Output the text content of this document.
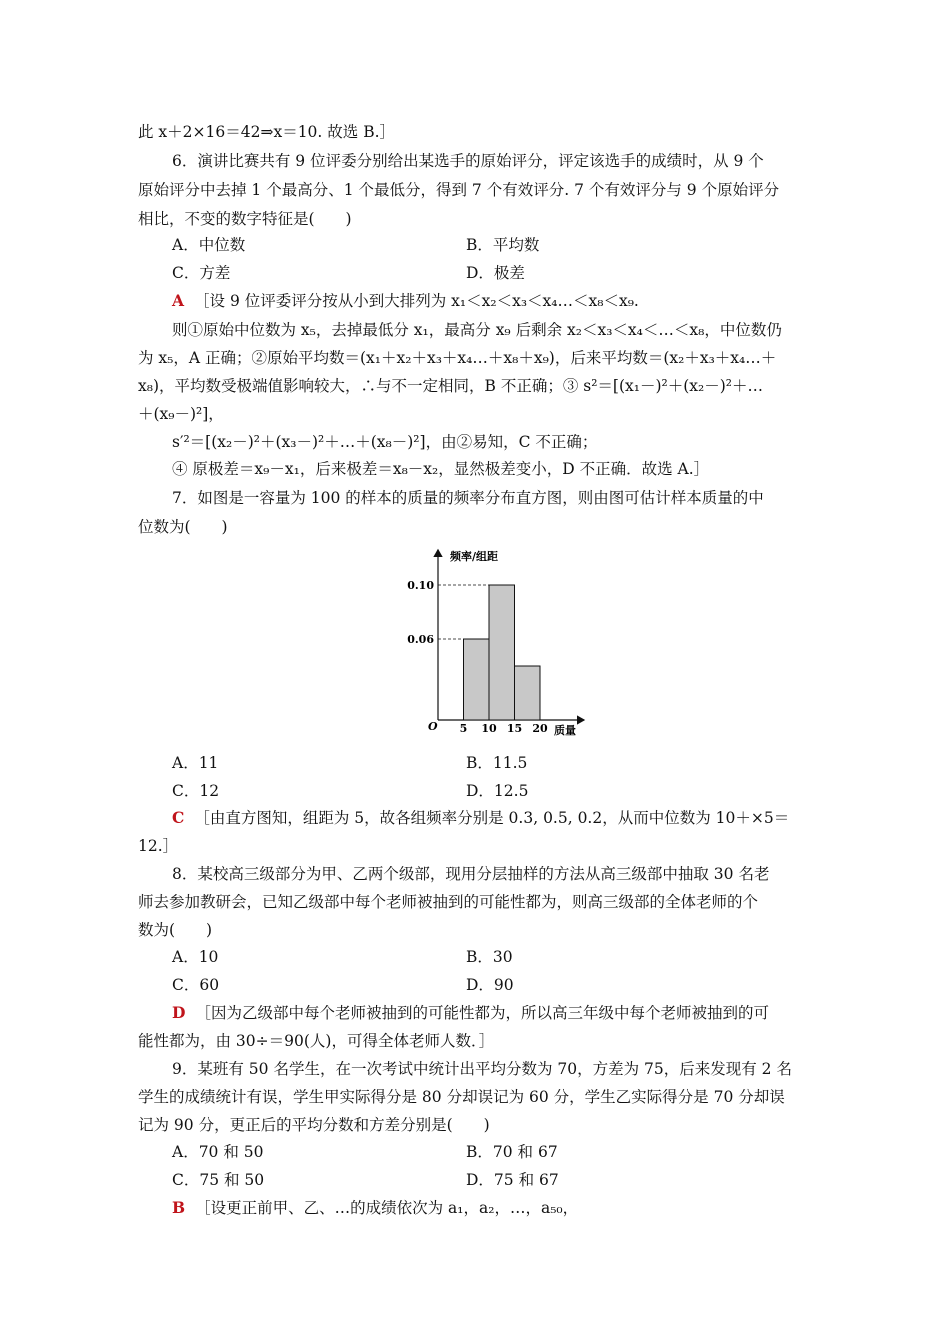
此 x＋2×16＝42⇒x＝10. 故选 B.］
6．演讲比赛共有 9 位评委分别给出某选手的原始评分，评定该选手的成绩时，从 9 个
原始评分中去掉 1 个最高分、1 个最低分，得到 7 个有效评分. 7 个有效评分与 9 个原始评分
相比，不变的数字特征是(　　)
A．中位数	B．平均数
C．方差	D．极差
A ［设 9 位评委评分按从小到大排列为 x₁＜x₂＜x₃＜x₄…＜x₈＜x₉.
则①原始中位数为 x₅，去掉最低分 x₁，最高分 x₉ 后剩余 x₂＜x₃＜x₄＜…＜x₈，中位数仍
为 x₅，A 正确；②原始平均数＝(x₁＋x₂＋x₃＋x₄…＋x₈＋x₉)，后来平均数＝(x₂＋x₃＋x₄…＋
x₈)，平均数受极端值影响较大，∴与不一定相同，B 不正确；③ s²＝[(x₁－)²＋(x₂－)²＋…
＋(x₉－)²]，
s′²＝[(x₂－)²＋(x₃－)²＋…＋(x₈－)²]，由②易知，C 不正确；
④ 原极差＝x₉－x₁，后来极差＝x₈－x₂，显然极差变小，D 不正确．故选 A.］
7．如图是一容量为 100 的样本的质量的频率分布直方图，则由图可估计样本质量的中
位数为(　　)
0.06
0.10
5 10 15 20
频率/组距
质量
O
A．11	B．11.5
C．12	D．12.5
C ［由直方图知，组距为 5，故各组频率分别是 0.3, 0.5, 0.2，从而中位数为 10＋×5＝
12.］
8．某校高三级部分为甲、乙两个级部，现用分层抽样的方法从高三级部中抽取 30 名老
师去参加教研会，已知乙级部中每个老师被抽到的可能性都为，则高三级部的全体老师的个
数为(　　)
A．10	B．30
C．60	D．90
D ［因为乙级部中每个老师被抽到的可能性都为，所以高三年级中每个老师被抽到的可
能性都为，由 30÷＝90(人)，可得全体老师人数．］
9．某班有 50 名学生，在一次考试中统计出平均分数为 70，方差为 75，后来发现有 2 名
学生的成绩统计有误，学生甲实际得分是 80 分却误记为 60 分，学生乙实际得分是 70 分却误
记为 90 分，更正后的平均分数和方差分别是(　　)
A．70 和 50	B．70 和 67
C．75 和 50	D．75 和 67
B ［设更正前甲、乙、…的成绩依次为 a₁，a₂，…，a₅₀，
